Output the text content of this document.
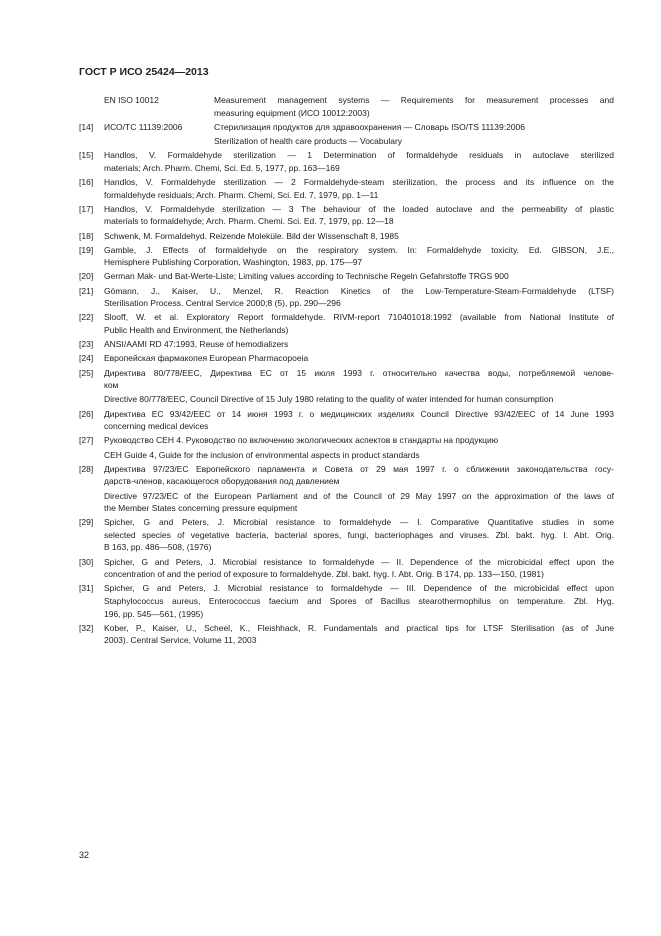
ГОСТ Р ИСО 25424—2013
EN ISO 10012	Measurement management systems — Requirements for measurement processes and
measuring equipment (ИСО 10012:2003)
[14]	ИСО/ТС 11139:2006	Стерилизация продуктов для здравоохранения — Словарь ISO/TS 11139:2006
Sterilization of health care products — Vocabulary
[15]	Handlos, V. Formaldehyde sterilization — 1 Determination of formaldehyde residuals in autoclave sterilized
materials; Arch. Pharm. Chemi, Sci. Ed. 5, 1977, pp. 163—169
[16]	Handlos, V. Formaldehyde sterilization — 2 Formaldehyde-steam sterilization, the process and its influence on the
formaldehyde residuals; Arch. Pharm. Chemi, Sci. Ed. 7, 1979, pp. 1—11
[17]	Handlos, V. Formaldehyde sterilization — 3 The behaviour of the loaded autoclave and the permeability of plastic
materials to formaldehyde; Arch. Pharm. Chemi. Sci. Ed. 7, 1979, pp. 12—18
[18]	Schwenk, M. Formaldehyd. Reizende Moleküle. Bild der Wissenschaft 8, 1985
[19]	Gamble, J. Effects of formaldehyde on the respiratory system. In: Formaldehyde toxicity. Ed. GIBSON, J.E.,
Hemisphere Publishing Corporation, Washington, 1983, pp. 175—97
[20]	German Mak- und Bat-Werte-Liste; Limiting values according to Technische Regeln Gefahrstoffe TRGS 900
[21]	Gömann, J., Kaiser, U., Menzel, R. Reaction Kinetics of the Low-Temperature-Steam-Formaldehyde (LTSF)
Sterilisation Process. Central Service 2000;8 (5), pp. 290—296
[22]	Slooff, W. et al. Exploratory Report formaldehyde. RIVM-report 710401018:1992 (available from National Institute of
Public Health and Environment, the Netherlands)
[23]	ANSI/AAMI RD 47:1993, Reuse of hemodializers
[24]	Европейская фармакопея European Pharmacopoeia
[25]	Директива 80/778/ЕЕС, Директива ЕС от 15 июля 1993 г. относительно качества воды, потребляемой челове-
ком
Directive 80/778/EEC, Council Directive of 15 July 1980 relating to the quality of water intended for human consumption
[26]	Директива ЕС 93/42/ЕЕС от 14 июня 1993 г. о медицинских изделиях Council Directive 93/42/EEC of 14 June 1993
concerning medical devices
[27]	Руководство СЕН 4. Руководство по включению экологических аспектов в стандарты на продукцию
CEH Guide 4, Guide for the inclusion of environmental aspects in product standards
[28]	Директива 97/23/ЕС Европейского парламента и Совета от 29 мая 1997 г. о сближении законодательства госу-
дарств-членов, касающегося оборудования под давлением
Directive 97/23/EC of the European Parliament and of the Council of 29 May 1997 on the approximation of the laws of
the Member States concerning pressure equipment
[29]	Spicher, G and Peters, J. Microbial resistance to formaldehyde — I. Comparative Quantitative studies in some
selected species of vegetative bacteria, bacterial spores, fungi, bacteriophages and viruses. Zbl. bakt. hyg. I. Abt. Orig.
B 163, pp. 486—508, (1976)
[30]	Spicher, G and Peters, J. Microbial resistance to formaldehyde — II. Dependence of the microbicidal effect upon the
concentration of and the period of exposure to formaldehyde. Zbl. bakt. hyg. I. Abt. Orig. B 174, pp. 133—150, (1981)
[31]	Spicher, G and Peters, J. Microbial resistance to formaldehyde — III. Dependence of the microbicidal effect upon
Staphylococcus aureus, Enterococcus faecium and Spores of Bacillus stearothermophilus on temperature. Zbl. Hyg.
196, pp. 545—561, (1995)
[32]	Kober, P., Kaiser, U., Scheel, K., Fleishhack, R. Fundamentals and practical tips for LTSF Sterilisation (as of June
2003). Central Service, Volume 11, 2003
32
